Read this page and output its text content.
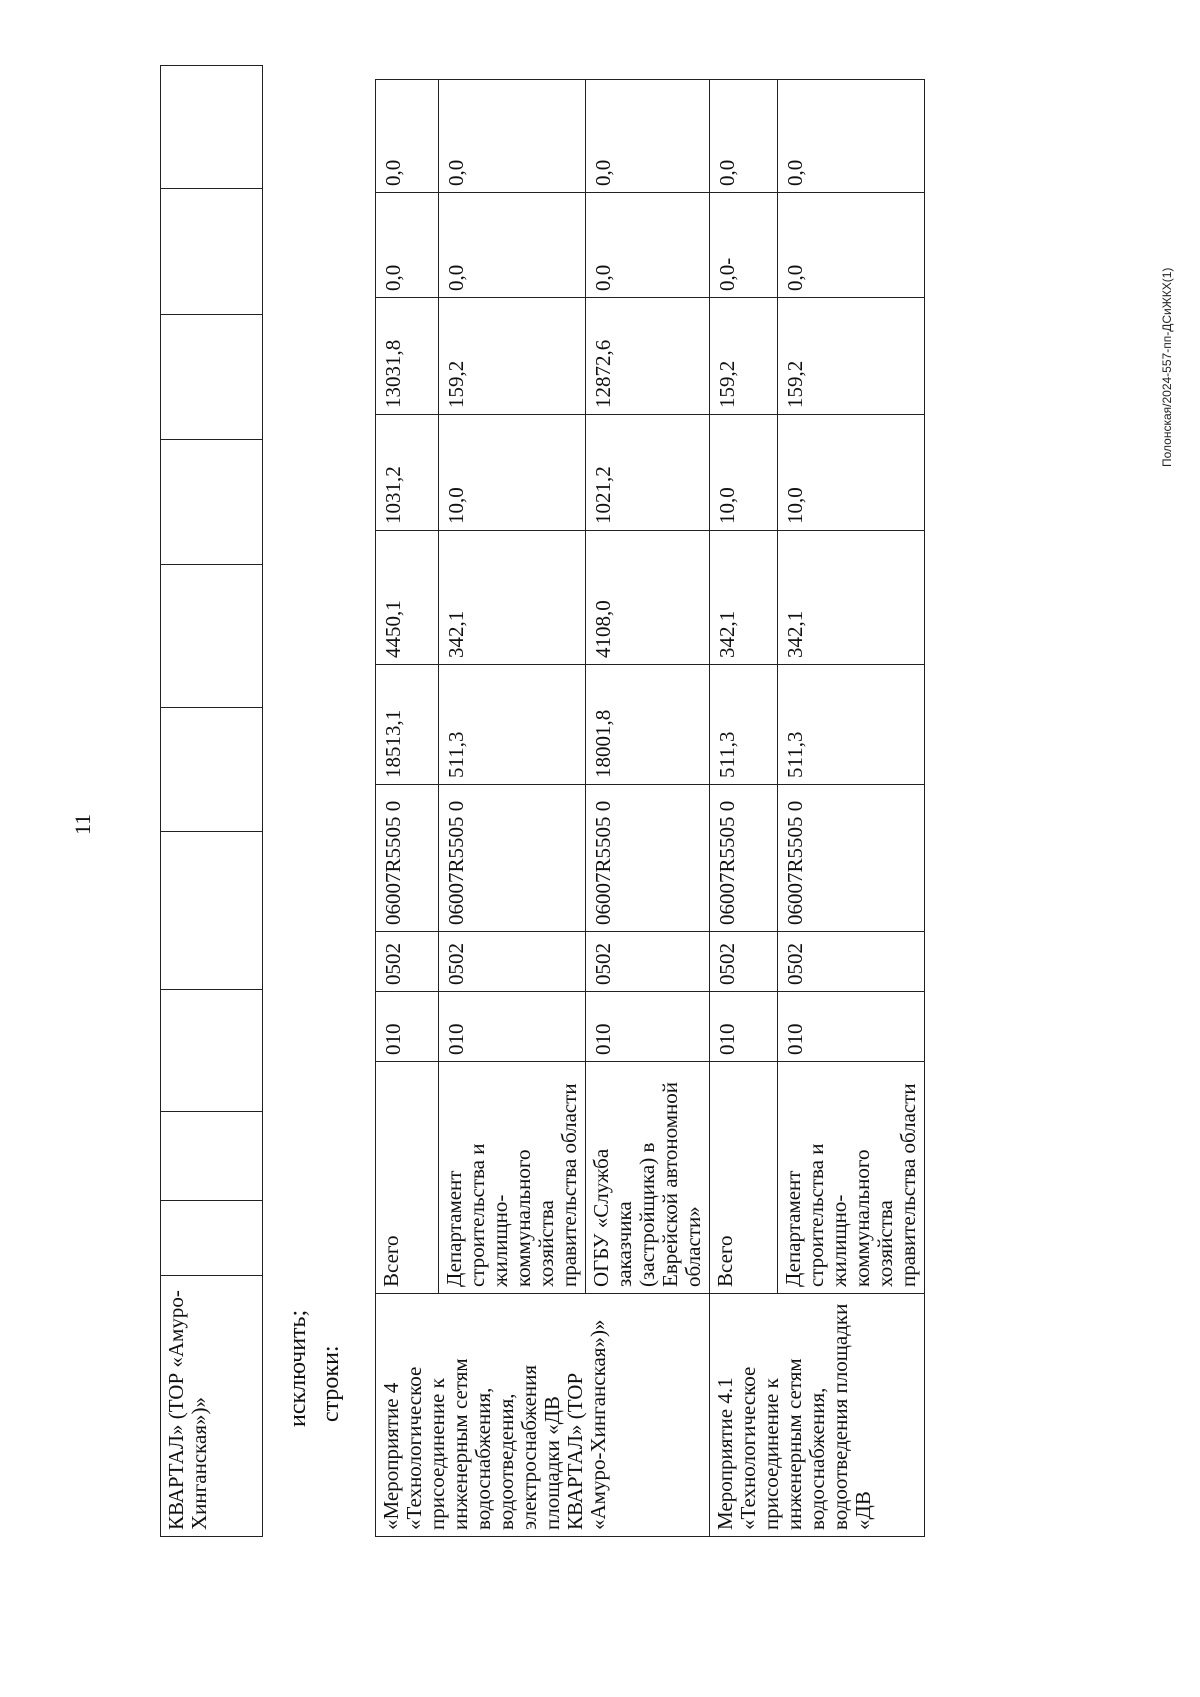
11
Полонская/2024-557-пп-ДСиЖКХ(1)
КВАРТАЛ» (ТОР «Амуро-Хинганская»)»										
исключить; строки: «Мероприятие 4 «Технологическое присоединение к инженерным сетям водоснабжения, водоотведения, электроснабжения площадки «ДВ КВАРТАЛ» (ТОР «Амуро-Хинганская»)»	Всего	010	0502	06007R5505 0	18513,1	4450,1	1031,2	13031,8	0,0	0,0
	Департамент строительства и жилищно-коммунального хозяйства правительства области	010	0502	06007R5505 0	511,3	342,1	10,0	159,2	0,0	0,0
	ОГБУ «Служба заказчика (застройщика) в Еврейской автономной области»	010	0502	06007R5505 0	18001,8	4108,0	1021,2	12872,6	0,0	0,0
Мероприятие 4.1 «Технологическое присоединение к инженерным сетям водоснабжения, водоотведения площадки «ДВ	Всего	010	0502	06007R5505 0	511,3	342,1	10,0	159,2	0,0-	0,0
	Департамент строительства и жилищно-коммунального хозяйства правительства области	010	0502	06007R5505 0	511,3	342,1	10,0	159,2	0,0	0,0
